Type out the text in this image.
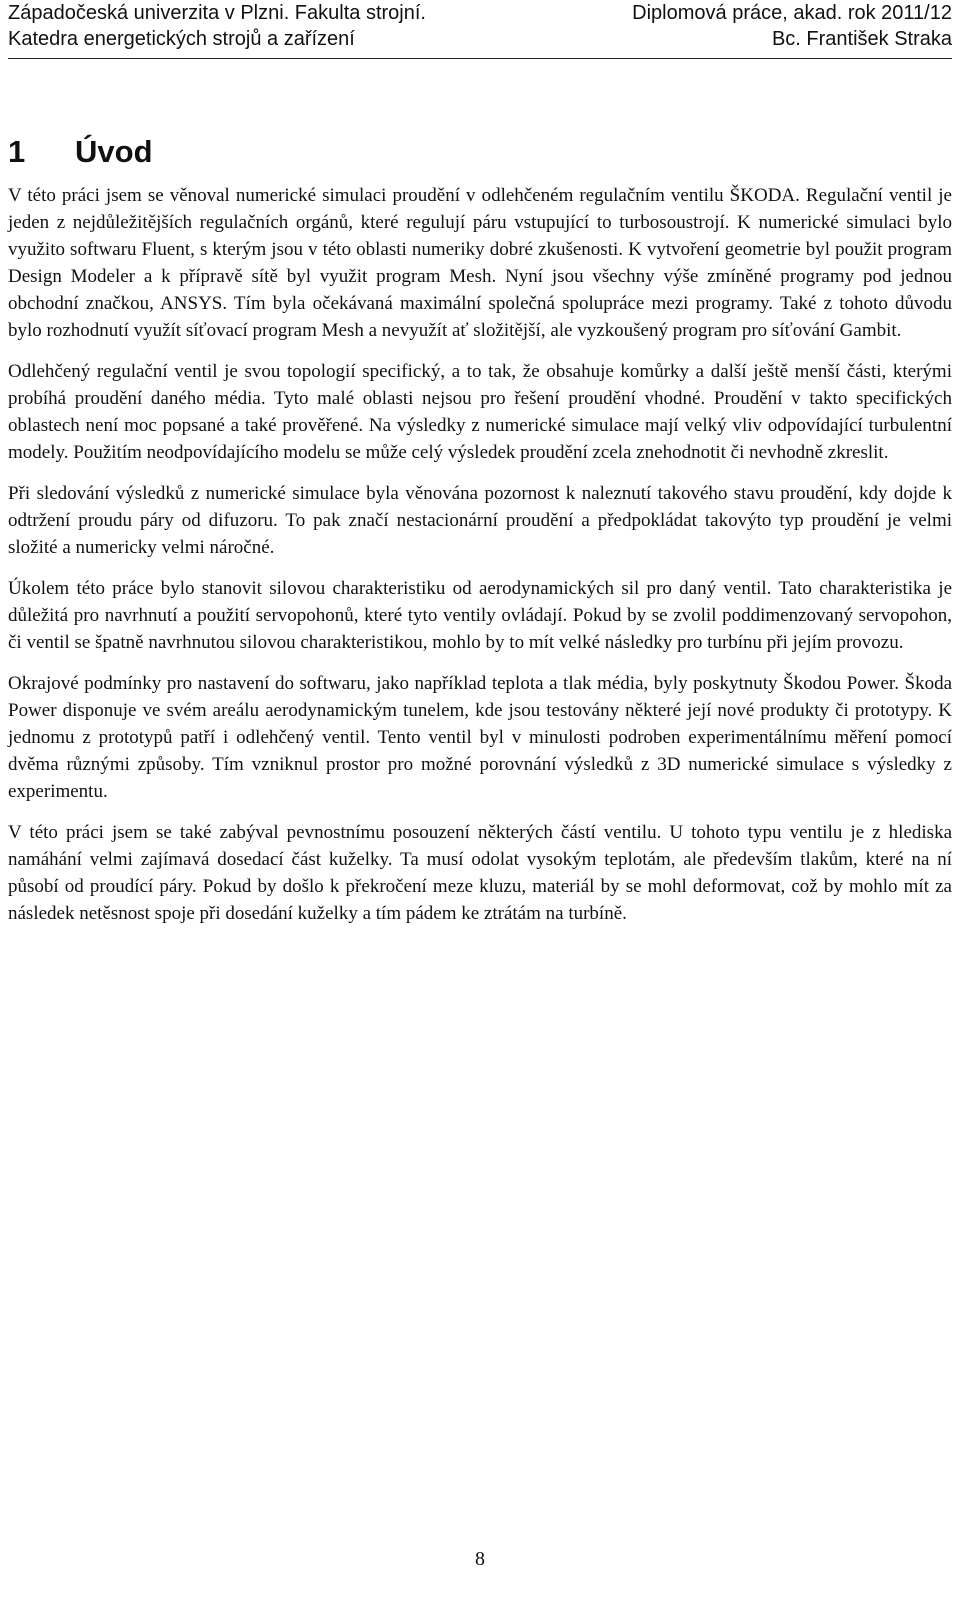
Západočeská univerzita v Plzni. Fakulta strojní.	Diplomová práce, akad. rok 2011/12
Katedra energetických strojů a zařízení	Bc. František Straka
1 Úvod

V této práci jsem se věnoval numerické simulaci proudění v odlehčeném regulačním ventilu ŠKODA. Regulační ventil je jeden z nejdůležitějších regulačních orgánů, které regulují páru vstupující to turbosoustrojí. K numerické simulaci bylo využito softwaru Fluent, s kterým jsou v této oblasti numeriky dobré zkušenosti. K vytvoření geometrie byl použit program Design Modeler a k přípravě sítě byl využit program Mesh. Nyní jsou všechny výše zmíněné programy pod jednou obchodní značkou, ANSYS. Tím byla očekávaná maximální společná spolupráce mezi programy. Také z tohoto důvodu bylo rozhodnutí využít síťovací program Mesh a nevyužít ať složitější, ale vyzkoušený program pro síťování Gambit.

Odlehčený regulační ventil je svou topologií specifický, a to tak, že obsahuje komůrky a další ještě menší části, kterými probíhá proudění daného média. Tyto malé oblasti nejsou pro řešení proudění vhodné. Proudění v takto specifických oblastech není moc popsané a také prověřené. Na výsledky z numerické simulace mají velký vliv odpovídající turbulentní modely. Použitím neodpovídajícího modelu se může celý výsledek proudění zcela znehodnotit či nevhodně zkreslit.

Při sledování výsledků z numerické simulace byla věnována pozornost k naleznutí takového stavu proudění, kdy dojde k odtržení proudu páry od difuzoru. To pak značí nestacionární proudění a předpokládat takovýto typ proudění je velmi složité a numericky velmi náročné.

Úkolem této práce bylo stanovit silovou charakteristiku od aerodynamických sil pro daný ventil. Tato charakteristika je důležitá pro navrhnutí a použití servopohonů, které tyto ventily ovládají. Pokud by se zvolil poddimenzovaný servopohon, či ventil se špatně navrhnutou silovou charakteristikou, mohlo by to mít velké následky pro turbínu při jejím provozu.

Okrajové podmínky pro nastavení do softwaru, jako například teplota a tlak média, byly poskytnuty Škodou Power. Škoda Power disponuje ve svém areálu aerodynamickým tunelem, kde jsou testovány některé její nové produkty či prototypy. K jednomu z prototypů patří i odlehčený ventil. Tento ventil byl v minulosti podroben experimentálnímu měření pomocí dvěma různými způsoby. Tím vzniknul prostor pro možné porovnání výsledků z 3D numerické simulace s výsledky z experimentu.

V této práci jsem se také zabýval pevnostnímu posouzení některých částí ventilu. U tohoto typu ventilu je z hlediska namáhání velmi zajímavá dosedací část kuželky. Ta musí odolat vysokým teplotám, ale především tlakům, které na ní působí od proudící páry. Pokud by došlo k překročení meze kluzu, materiál by se mohl deformovat, což by mohlo mít za následek netěsnost spoje při dosedání kuželky a tím pádem ke ztrátám na turbíně.

8
